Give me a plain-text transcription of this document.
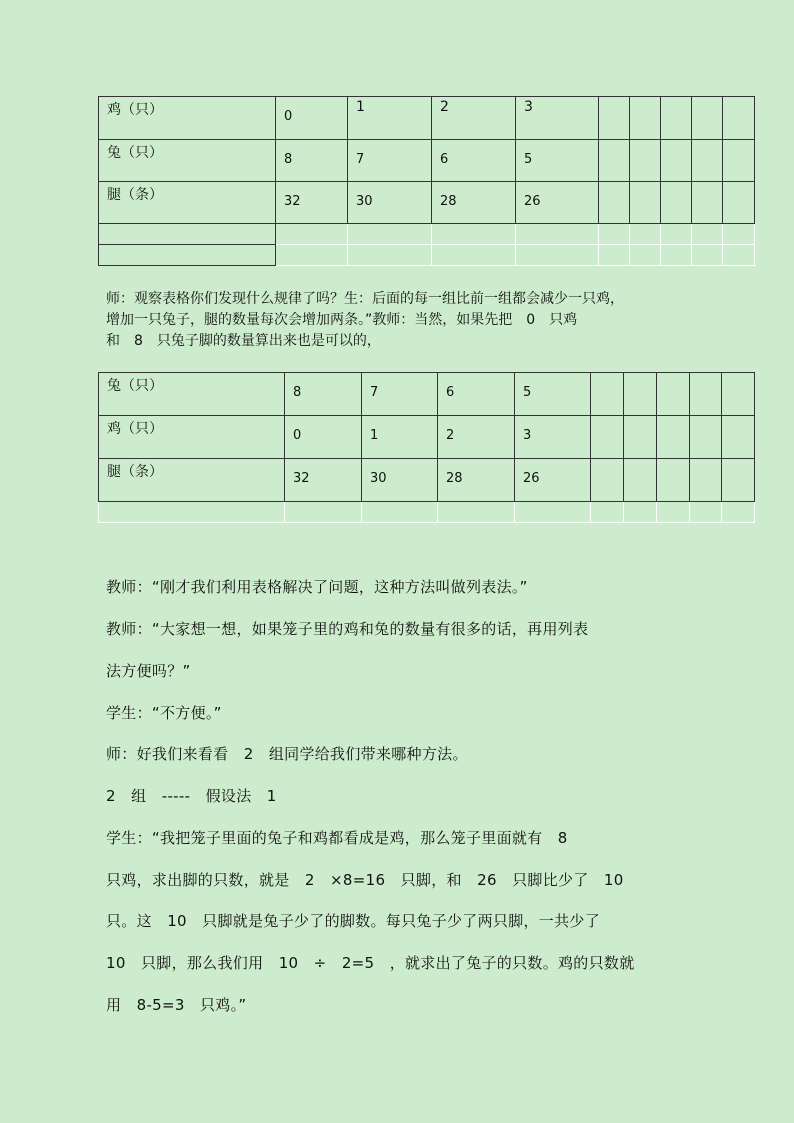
鸡（只）	0	1	2	3					

兔（只）	8	7	6	5					

腿（条）	32	30	28	26					

师：观察表格你们发现什么规律了吗？生：后面的每一组比前一组都会减少一只鸡，
增加一只兔子，腿的数量每次会增加两条。”教师：当然，如果先把　0　只鸡
和　8　只兔子脚的数量算出来也是可以的，

兔（只）	8	7	6	5					

鸡（只）	0	1	2	3					

腿（条）	32	30	28	26					

教师：“刚才我们利用表格解决了问题，这种方法叫做列表法。”

教师：“大家想一想，如果笼子里的鸡和兔的数量有很多的话，再用列表

法方便吗？”

学生：“不方便。”

师：好我们来看看　2　组同学给我们带来哪种方法。

2　组　-----　假设法　1

学生：“我把笼子里面的兔子和鸡都看成是鸡，那么笼子里面就有　8

只鸡，求出脚的只数，就是　2　×8=16　只脚，和　26　只脚比少了　10

只。这　10　只脚就是兔子少了的脚数。每只兔子少了两只脚，一共少了

10　只脚，那么我们用　10　÷　2=5　，就求出了兔子的只数。鸡的只数就

用　8-5=3　只鸡。”
